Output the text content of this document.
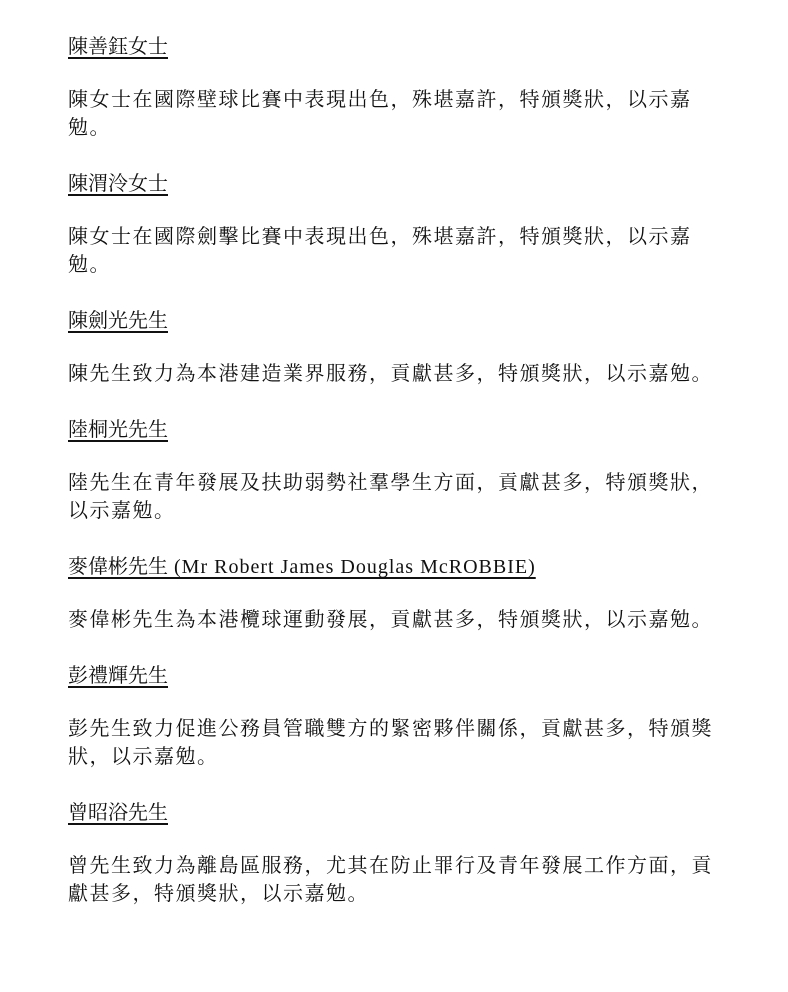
陳善鈺女士

陳女士在國際壁球比賽中表現出色，殊堪嘉許，特頒獎狀，以示嘉勉。

陳渭泠女士

陳女士在國際劍擊比賽中表現出色，殊堪嘉許，特頒獎狀，以示嘉勉。

陳劍光先生

陳先生致力為本港建造業界服務，貢獻甚多，特頒獎狀，以示嘉勉。

陸桐光先生

陸先生在青年發展及扶助弱勢社羣學生方面，貢獻甚多，特頒獎狀，以示嘉勉。

麥偉彬先生 (Mr Robert James Douglas McROBBIE)

麥偉彬先生為本港欖球運動發展，貢獻甚多，特頒獎狀，以示嘉勉。

彭禮輝先生

彭先生致力促進公務員管職雙方的緊密夥伴關係，貢獻甚多，特頒獎狀，以示嘉勉。

曾昭浴先生

曾先生致力為離島區服務，尤其在防止罪行及青年發展工作方面，貢獻甚多，特頒獎狀，以示嘉勉。
